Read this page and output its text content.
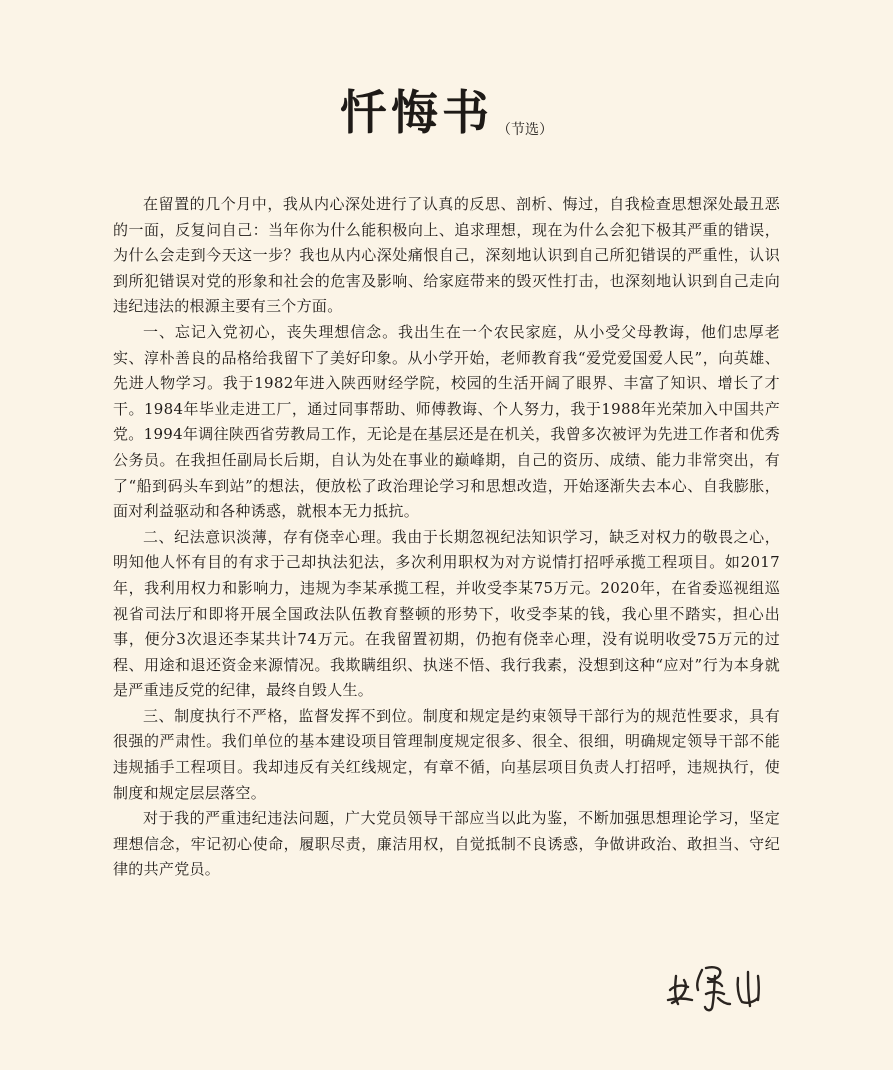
忏悔书 （节选）

在留置的几个月中，我从内心深处进行了认真的反思、剖析、悔过，自我检查思想深处最丑恶的一面，反复问自己：当年你为什么能积极向上、追求理想，现在为什么会犯下极其严重的错误，为什么会走到今天这一步？我也从内心深处痛恨自己，深刻地认识到自己所犯错误的严重性，认识到所犯错误对党的形象和社会的危害及影响、给家庭带来的毁灭性打击，也深刻地认识到自己走向违纪违法的根源主要有三个方面。

一、忘记入党初心，丧失理想信念。我出生在一个农民家庭，从小受父母教诲，他们忠厚老实、淳朴善良的品格给我留下了美好印象。从小学开始，老师教育我“爱党爱国爱人民”，向英雄、先进人物学习。我于1982年进入陕西财经学院，校园的生活开阔了眼界、丰富了知识、增长了才干。1984年毕业走进工厂，通过同事帮助、师傅教诲、个人努力，我于1988年光荣加入中国共产党。1994年调往陕西省劳教局工作，无论是在基层还是在机关，我曾多次被评为先进工作者和优秀公务员。在我担任副局长后期，自认为处在事业的巅峰期，自己的资历、成绩、能力非常突出，有了“船到码头车到站”的想法，便放松了政治理论学习和思想改造，开始逐渐失去本心、自我膨胀，面对利益驱动和各种诱惑，就根本无力抵抗。

二、纪法意识淡薄，存有侥幸心理。我由于长期忽视纪法知识学习，缺乏对权力的敬畏之心，明知他人怀有目的有求于己却执法犯法，多次利用职权为对方说情打招呼承揽工程项目。如2017年，我利用权力和影响力，违规为李某承揽工程，并收受李某75万元。2020年，在省委巡视组巡视省司法厅和即将开展全国政法队伍教育整顿的形势下，收受李某的钱，我心里不踏实，担心出事，便分3次退还李某共计74万元。在我留置初期，仍抱有侥幸心理，没有说明收受75万元的过程、用途和退还资金来源情况。我欺瞒组织、执迷不悟、我行我素，没想到这种“应对”行为本身就是严重违反党的纪律，最终自毁人生。

三、制度执行不严格，监督发挥不到位。制度和规定是约束领导干部行为的规范性要求，具有很强的严肃性。我们单位的基本建设项目管理制度规定很多、很全、很细，明确规定领导干部不能违规插手工程项目。我却违反有关红线规定，有章不循，向基层项目负责人打招呼，违规执行，使制度和规定层层落空。

对于我的严重违纪违法问题，广大党员领导干部应当以此为鉴，不断加强思想理论学习，坚定理想信念，牢记初心使命，履职尽责，廉洁用权，自觉抵制不良诱惑，争做讲政治、敢担当、守纪律的共产党员。
